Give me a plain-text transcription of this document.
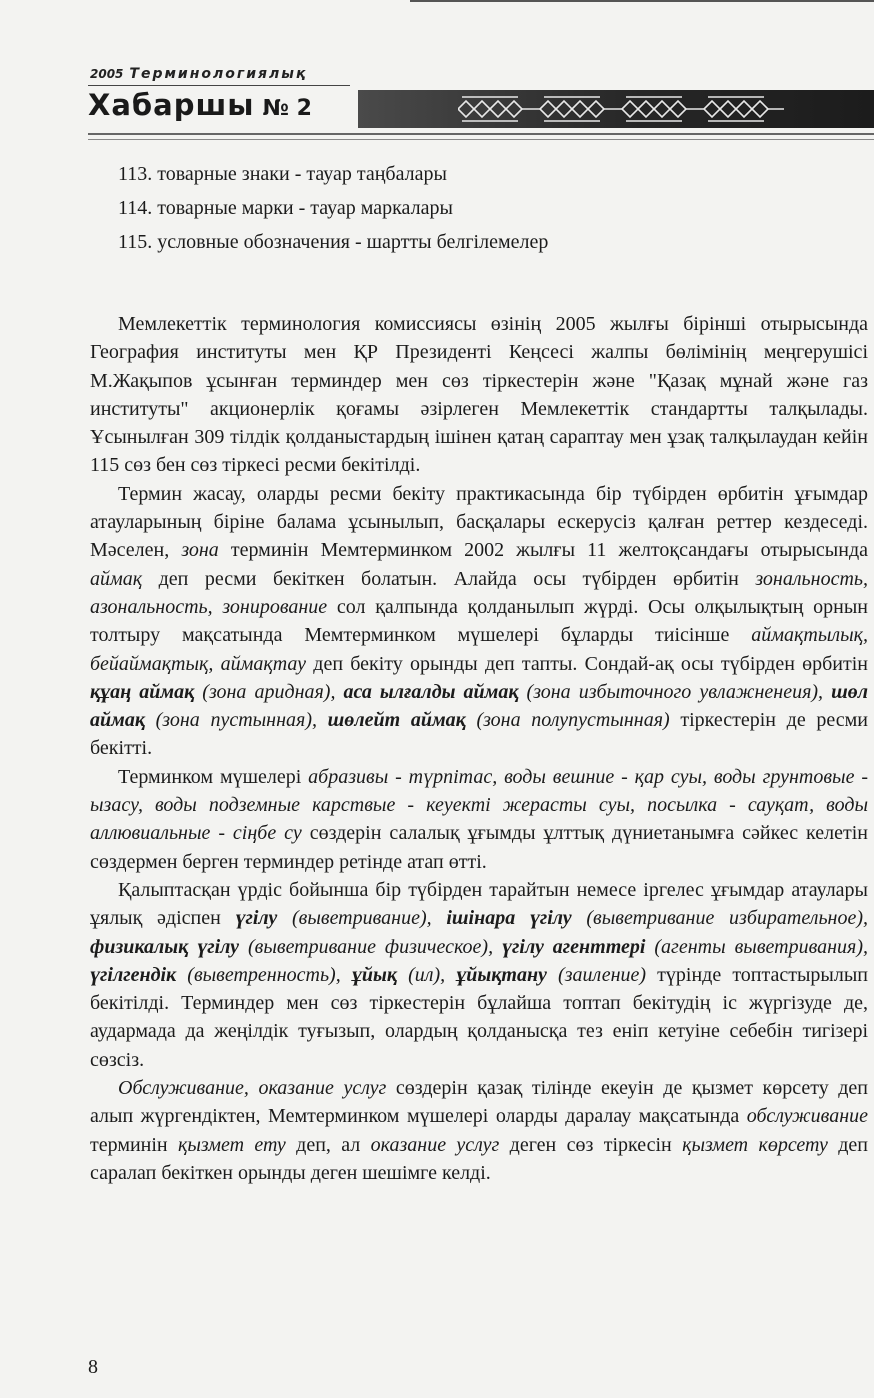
2005 Терминологиялық
Хабаршы № 2
113. товарные знаки - тауар таңбалары
114. товарные марки - тауар маркалары
115. условные обозначения - шартты белгілемелер

Мемлекеттік терминология комиссиясы өзінің 2005 жылғы бірінші отырысында География институты мен ҚР Президенті Кеңсесі жалпы бөлімінің меңгерушісі М.Жақыпов ұсынған терминдер мен сөз тіркестерін және "Қазақ мұнай және газ институты" акционерлік қоғамы әзірлеген Мемлекеттік стандартты талқылады. Ұсынылған 309 тілдік қолданыстардың ішінен қатаң сараптау мен ұзақ талқылаудан кейін 115 сөз бен сөз тіркесі ресми бекітілді.

Термин жасау, оларды ресми бекіту практикасында бір түбірден өрбитін ұғымдар атауларының біріне балама ұсынылып, басқалары ескерусіз қалған реттер кездеседі. Мәселен, зона терминін Мемтерминком 2002 жылғы 11 желтоқсандағы отырысында аймақ деп ресми бекіткен болатын. Алайда осы түбірден өрбитін зональность, азональность, зонирование сол қалпында қолданылып жүрді. Осы олқылықтың орнын толтыру мақсатында Мемтерминком мүшелері бұларды тиісінше аймақтылық, бейаймақтық, аймақтау деп бекіту орынды деп тапты. Сондай-ақ осы түбірден өрбитін құаң аймақ (зона аридная), аса ылғалды аймақ (зона избыточного увлажненеия), шөл аймақ (зона пустынная), шөлейт аймақ (зона полупустынная) тіркестерін де ресми бекітті.

Терминком мүшелері абразивы - түрпітас, воды вешние - қар суы, воды грунтовые - ызасу, воды подземные карствые - кеуекті жерасты суы, посылка - сауқат, воды аллювиальные - сіңбе су сөздерін салалық ұғымды ұлттық дүниетанымға сәйкес келетін сөздермен берген терминдер ретінде атап өтті.

Қалыптасқан үрдіс бойынша бір түбірден тарайтын немесе іргелес ұғымдар атаулары ұялық әдіспен үгілу (выветривание), ішінара үгілу (выветривание избирательное), физикалық үгілу (выветривание физическое), үгілу агенттері (агенты выветривания), үгілгендік (выветренность), ұйық (ил), ұйықтану (заиление) түрінде топтастырылып бекітілді. Терминдер мен сөз тіркестерін бұлайша топтап бекітудің іс жүргізуде де, аудармада да жеңілдік туғызып, олардың қолданысқа тез еніп кетуіне себебін тигізері сөзсіз.

Обслуживание, оказание услуг сөздерін қазақ тілінде екеуін де қызмет көрсету деп алып жүргендіктен, Мемтерминком мүшелері оларды даралау мақсатында обслуживание терминін қызмет ету деп, ал оказание услуг деген сөз тіркесін қызмет көрсету деп саралап бекіткен орынды деген шешімге келді.

8
